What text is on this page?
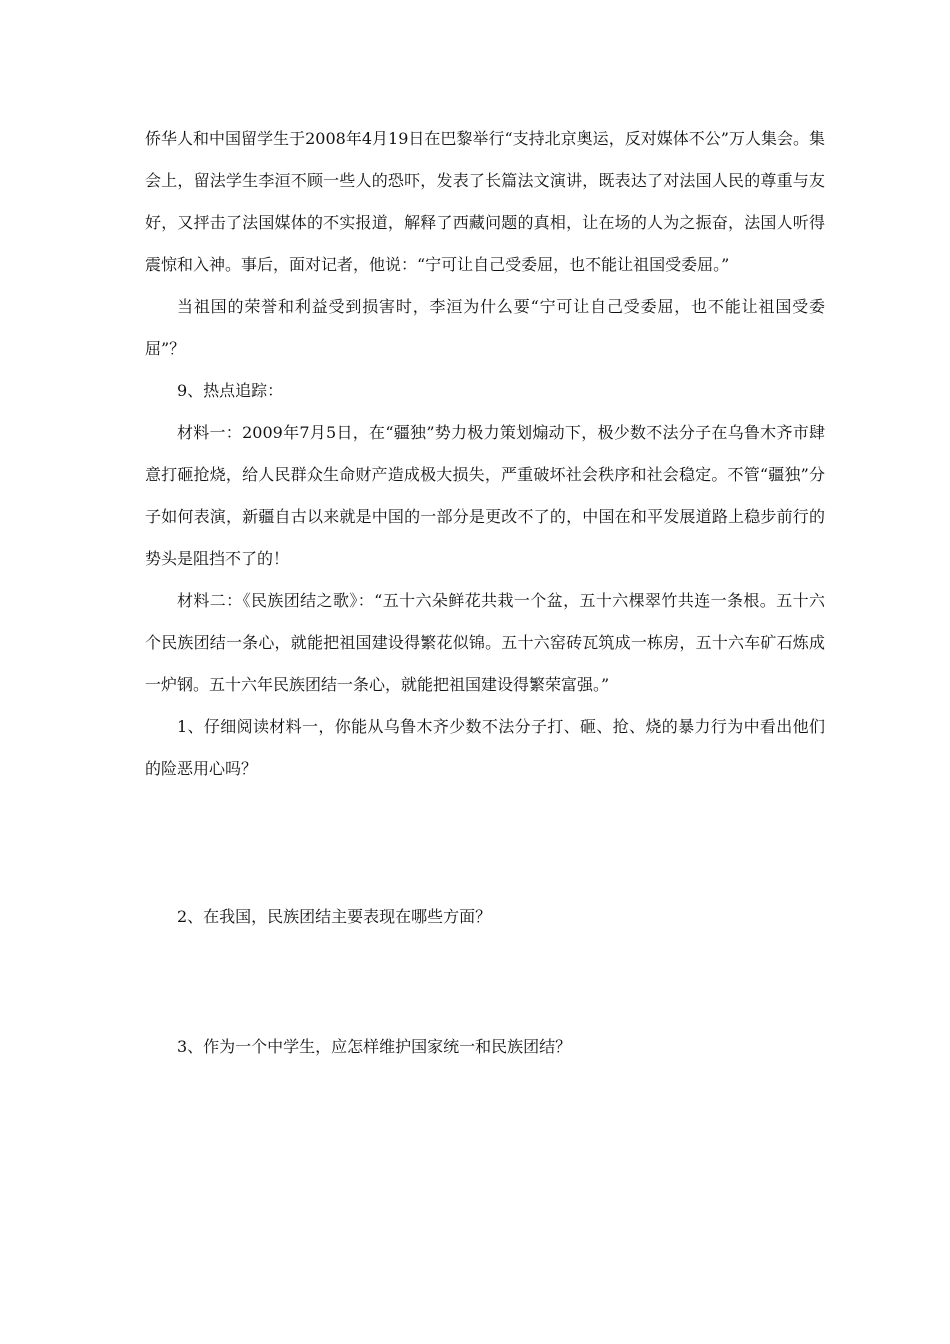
侨华人和中国留学生于2008年4月19日在巴黎举行“支持北京奥运，反对媒体不公”万人集会。集会上，留法学生李洹不顾一些人的恐吓，发表了长篇法文演讲，既表达了对法国人民的尊重与友好，又抨击了法国媒体的不实报道，解释了西藏问题的真相，让在场的人为之振奋，法国人听得震惊和入神。事后，面对记者，他说：“宁可让自己受委屈，也不能让祖国受委屈。”

当祖国的荣誉和利益受到损害时，李洹为什么要“宁可让自己受委屈，也不能让祖国受委屈”？

9、热点追踪：

材料一：2009年7月5日，在“疆独”势力极力策划煽动下，极少数不法分子在乌鲁木齐市肆意打砸抢烧，给人民群众生命财产造成极大损失，严重破坏社会秩序和社会稳定。不管“疆独”分子如何表演，新疆自古以来就是中国的一部分是更改不了的，中国在和平发展道路上稳步前行的势头是阻挡不了的！

材料二：《民族团结之歌》：“五十六朵鲜花共栽一个盆，五十六棵翠竹共连一条根。五十六个民族团结一条心，就能把祖国建设得繁花似锦。五十六窑砖瓦筑成一栋房，五十六车矿石炼成一炉钢。五十六年民族团结一条心，就能把祖国建设得繁荣富强。”

1、仔细阅读材料一，你能从乌鲁木齐少数不法分子打、砸、抢、烧的暴力行为中看出他们的险恶用心吗？

2、在我国，民族团结主要表现在哪些方面？

3、作为一个中学生，应怎样维护国家统一和民族团结？
